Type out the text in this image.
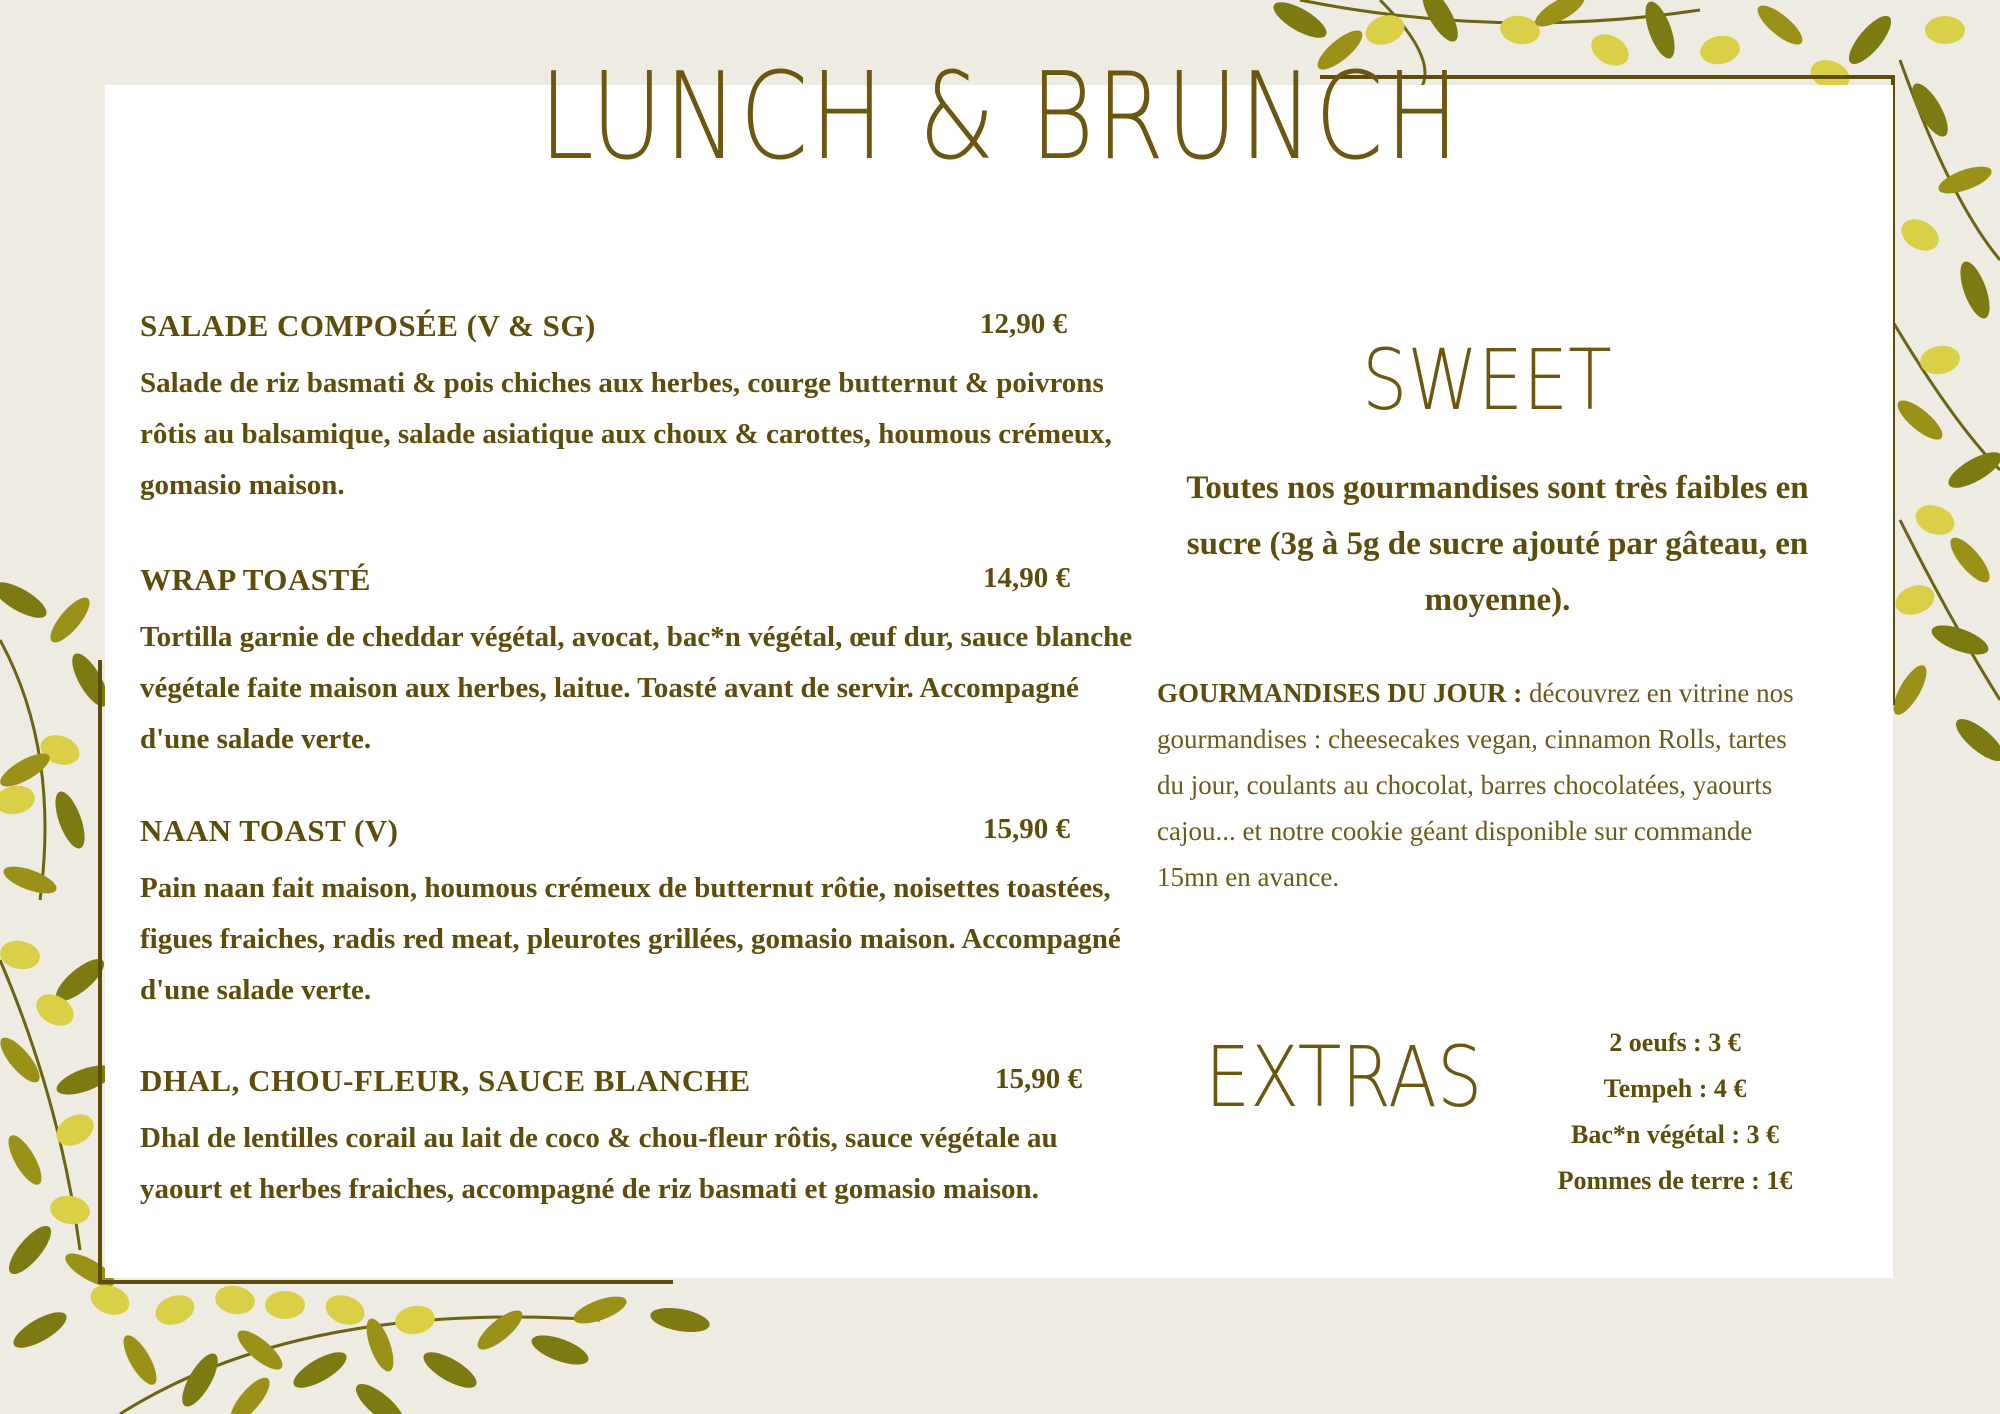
LUNCH & BRUNCH
SALADE COMPOSÉE (V & SG)	12,90 €

Salade de riz basmati & pois chiches aux herbes, courge butternut & poivrons rôtis au balsamique, salade asiatique aux choux & carottes, houmous crémeux, gomasio maison.

WRAP TOASTÉ	14,90 €

Tortilla garnie de cheddar végétal, avocat, bac*n végétal, œuf dur, sauce blanche végétale faite maison aux herbes, laitue. Toasté avant de servir. Accompagné d'une salade verte.

NAAN TOAST (V)	15,90 €

Pain naan fait maison, houmous crémeux de butternut rôtie, noisettes toastées, figues fraiches, radis red meat, pleurotes grillées, gomasio maison. Accompagné d'une salade verte.

DHAL, CHOU-FLEUR, SAUCE BLANCHE	15,90 €

Dhal de lentilles corail au lait de coco & chou-fleur rôtis, sauce végétale au yaourt et herbes fraiches, accompagné de riz basmati et gomasio maison.

SWEET

Toutes nos gourmandises sont très faibles en sucre (3g à 5g de sucre ajouté par gâteau, en moyenne).

GOURMANDISES DU JOUR : découvrez en vitrine nos gourmandises : cheesecakes vegan, cinnamon Rolls, tartes du jour, coulants au chocolat, barres chocolatées, yaourts cajou... et notre cookie géant disponible sur commande 15mn en avance.

EXTRAS	2 oeufs : 3 €
Tempeh : 4 €
Bac*n végétal : 3 €
Pommes de terre : 1€
